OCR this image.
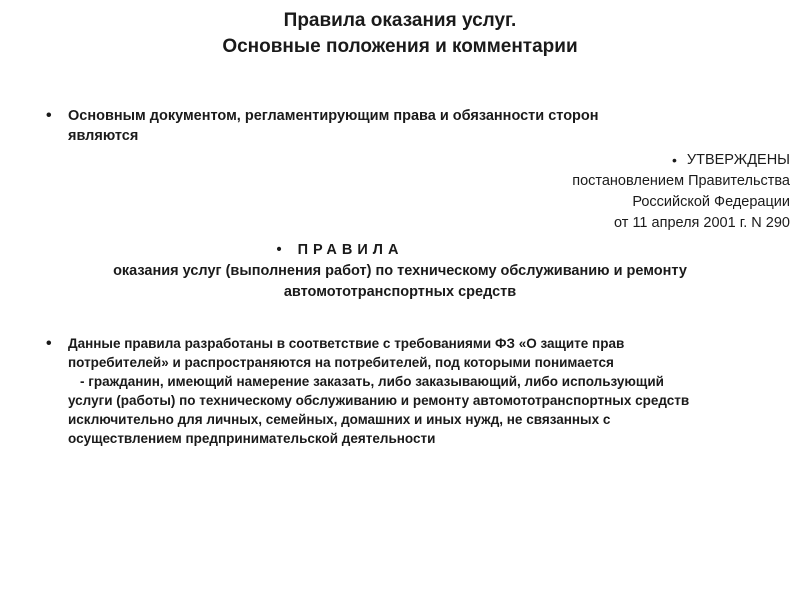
Правила оказания услуг.
Основные положения и комментарии
•	Основным документом, регламентирующим права и обязанности сторон
являются
• УТВЕРЖДЕНЫ
постановлением Правительства
Российской Федерации
от 11 апреля 2001 г. N 290
• ПРАВИЛА
оказания услуг (выполнения работ) по техническому обслуживанию и ремонту
автомототранспортных средств
•	Данные правила разработаны в соответствие с требованиями ФЗ «О защите прав
потребителей» и распространяются на потребителей, под которыми понимается
- гражданин, имеющий намерение заказать, либо заказывающий, либо использующий
услуги (работы) по техническому обслуживанию и ремонту автомототранспортных средств
исключительно для личных, семейных, домашних и иных нужд, не связанных с
осуществлением предпринимательской деятельности
